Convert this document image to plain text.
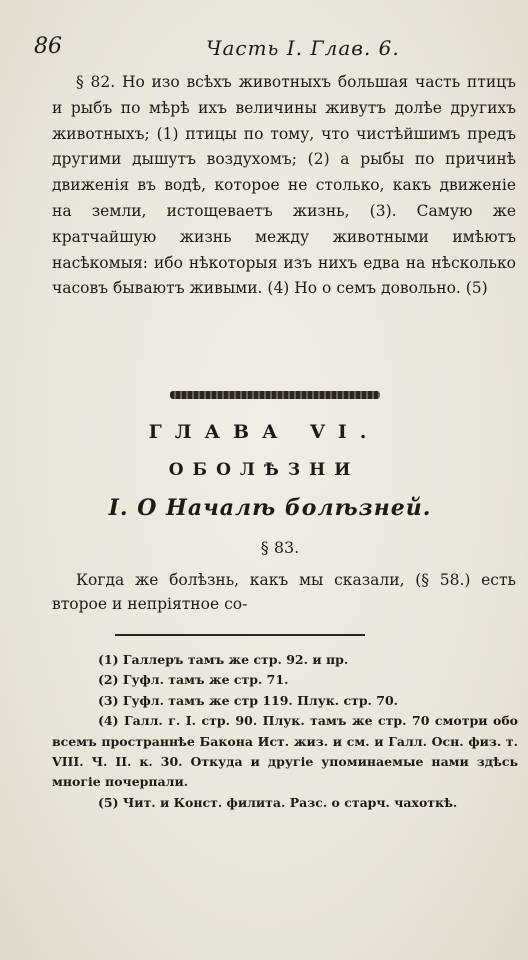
86	Часть I. Глав. 6.

§ 82. Но изо всѣхъ животныхъ большая часть птицъ и рыбъ по мѣрѣ ихъ величины живутъ долѣе другихъ животныхъ; (1) птицы по тому, что чистѣйшимъ предъ другими дышутъ воздухомъ; (2) а рыбы по причинѣ движенія въ водѣ, которое не столько, какъ движеніе на земли, истощеваетъ жизнь, (3). Самую же кратчайшую жизнь между животными имѣютъ насѣкомыя: ибо нѣкоторыя изъ нихъ едва на нѣсколько часовъ бываютъ живыми. (4) Но о семъ довольно. (5)

ГЛАВА VI.
ОБОЛѢЗНИ
I. О Началѣ болѣзней.
§ 83.

Когда же болѣзнь, какъ мы сказали, (§ 58.) есть второе и непріятное со-

(1) Галлеръ тамъ же стр. 92. и пр.

(2) Гуфл. тамъ же стр. 71.

(3) Гуфл. тамъ же стр 119. Плук. стр. 70.

(4) Галл. г. I. стр. 90. Плук. тамъ же стр. 70 смотри обо всемъ пространнѣе Бакона Ист. жиз. и см. и Галл. Осн. физ. т. VIII. Ч. II. к. 30. Откуда и другіе упоминаемые нами здѣсь многіе почерпали.

(5) Чит. и Конст. филита. Разс. о старч. чахоткѣ.
